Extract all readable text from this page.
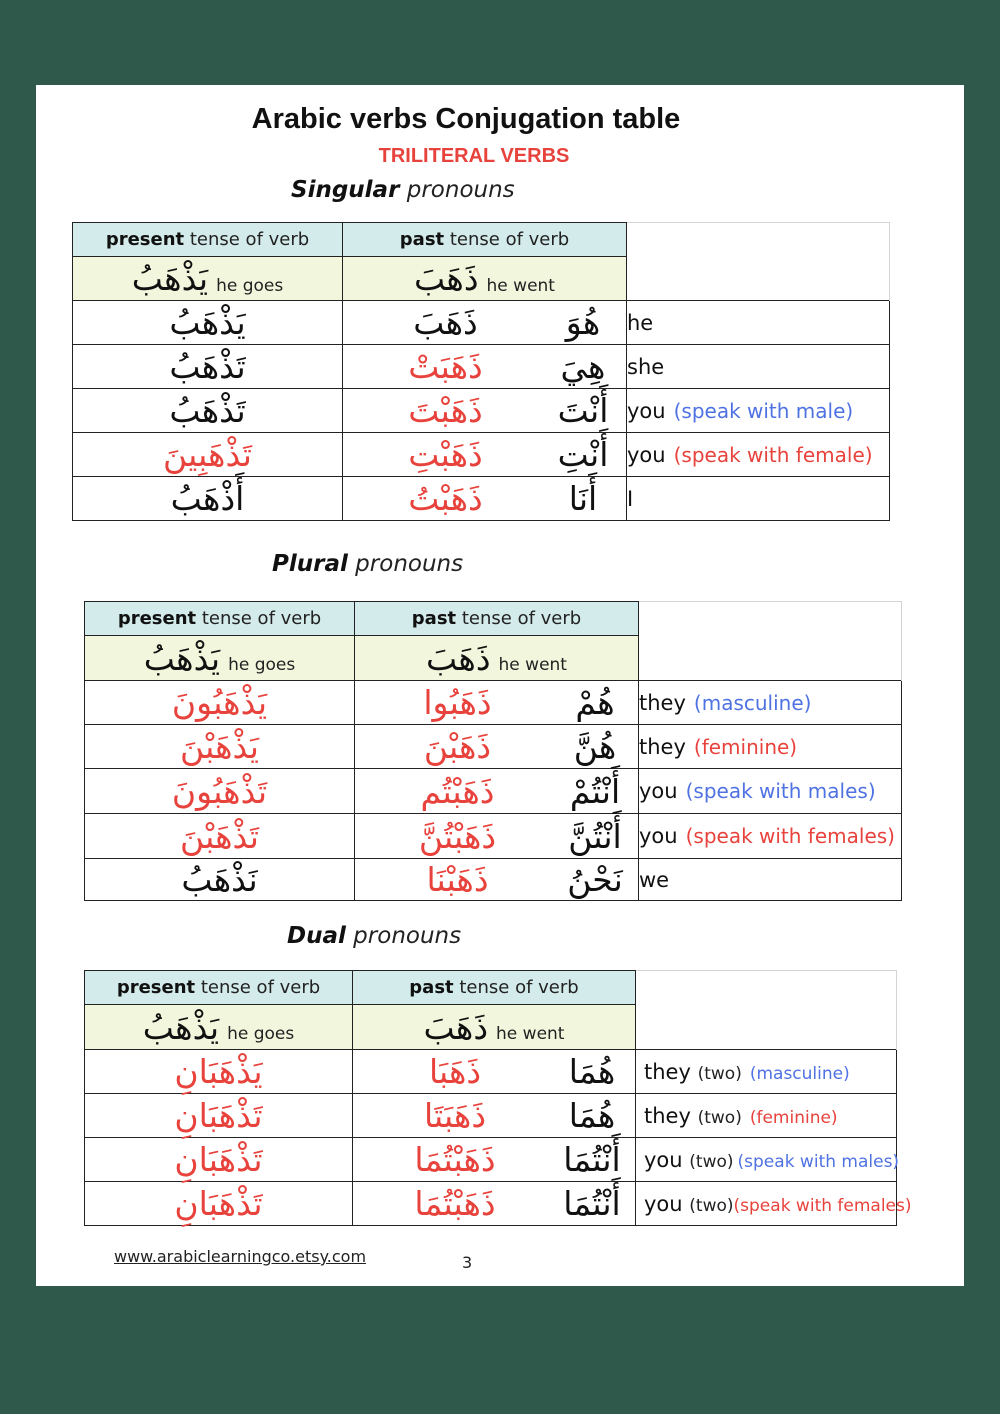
Arabic verbs Conjugation table
TRILITERAL VERBS
Singular pronouns
present tense of verb	past tense of verb	
يَذْهَبُ he goes	ذَهَبَ he went	
يَذْهَبُ	ذَهَبَ هُوَ	he
تَذْهَبُ	ذَهَبَتْ هِيَ	she
تَذْهَبُ	ذَهَبْتَ أَنْتَ	you (speak with male)
تَذْهَبِينَ	ذَهَبْتِ أَنْتِ	you (speak with female)
أَذْهَبُ	ذَهَبْتُ أَنَا	I
Plural pronouns
present tense of verb	past tense of verb	
يَذْهَبُ he goes	ذَهَبَ he went	
يَذْهَبُونَ	ذَهَبُوا هُمْ	they (masculine)
يَذْهَبْنَ	ذَهَبْنَ هُنَّ	they (feminine)
تَذْهَبُونَ	ذَهَبْتُم أَنْتُمْ	you (speak with males)
تَذْهَبْنَ	ذَهَبْتُنَّ أَنْتُنَّ	you (speak with females)
نَذْهَبُ	ذَهَبْنَا نَحْنُ	we
Dual pronouns
present tense of verb	past tense of verb	
يَذْهَبُ he goes	ذَهَبَ he went	
يَذْهَبَانِ	ذَهَبَا هُمَا	they (two) (masculine)
تَذْهَبَانِ	ذَهَبَتَا هُمَا	they (two) (feminine)
تَذْهَبَانِ	ذَهَبْتُمَا أَنْتُمَا	you (two) (speak with males)
تَذْهَبَانِ	ذَهَبْتُمَا أَنْتُمَا	you (two)(speak with females)
www.arabiclearningco.etsy.com	3
